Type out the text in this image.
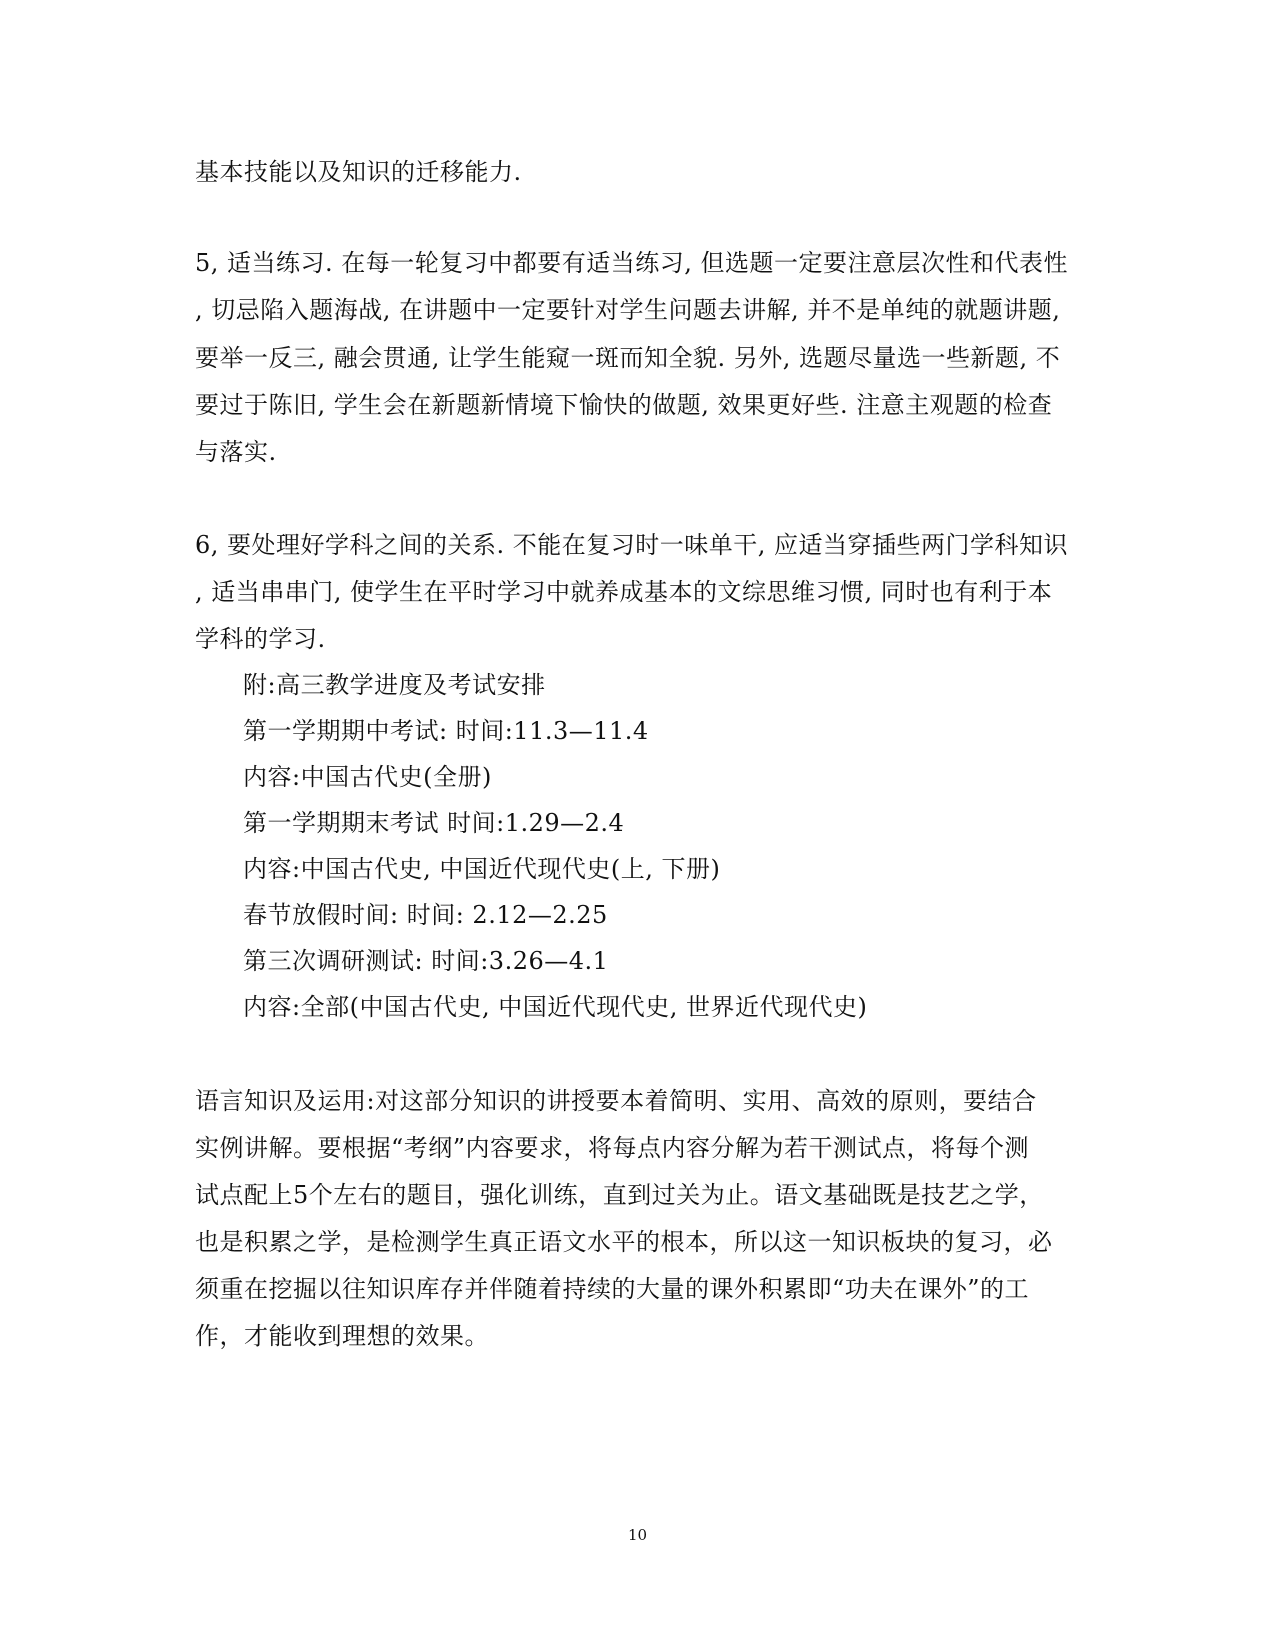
基本技能以及知识的迁移能力.
5, 适当练习. 在每一轮复习中都要有适当练习, 但选题一定要注意层次性和代表性
, 切忌陷入题海战, 在讲题中一定要针对学生问题去讲解, 并不是单纯的就题讲题,
要举一反三, 融会贯通, 让学生能窥一斑而知全貌. 另外, 选题尽量选一些新题, 不
要过于陈旧, 学生会在新题新情境下愉快的做题, 效果更好些. 注意主观题的检查
与落实.
6, 要处理好学科之间的关系. 不能在复习时一味单干, 应适当穿插些两门学科知识
, 适当串串门, 使学生在平时学习中就养成基本的文综思维习惯, 同时也有利于本
学科的学习.
附:高三教学进度及考试安排
第一学期期中考试: 时间:11.3—11.4
内容:中国古代史(全册)
第一学期期末考试 时间:1.29—2.4
内容:中国古代史, 中国近代现代史(上, 下册)
春节放假时间: 时间: 2.12—2.25
第三次调研测试: 时间:3.26—4.1
内容:全部(中国古代史, 中国近代现代史, 世界近代现代史)
语言知识及运用:对这部分知识的讲授要本着简明、实用、高效的原则，要结合
实例讲解。要根据“考纲”内容要求，将每点内容分解为若干测试点，将每个测
试点配上5个左右的题目，强化训练，直到过关为止。语文基础既是技艺之学，
也是积累之学，是检测学生真正语文水平的根本，所以这一知识板块的复习，必
须重在挖掘以往知识库存并伴随着持续的大量的课外积累即“功夫在课外”的工
作，才能收到理想的效果。
10
